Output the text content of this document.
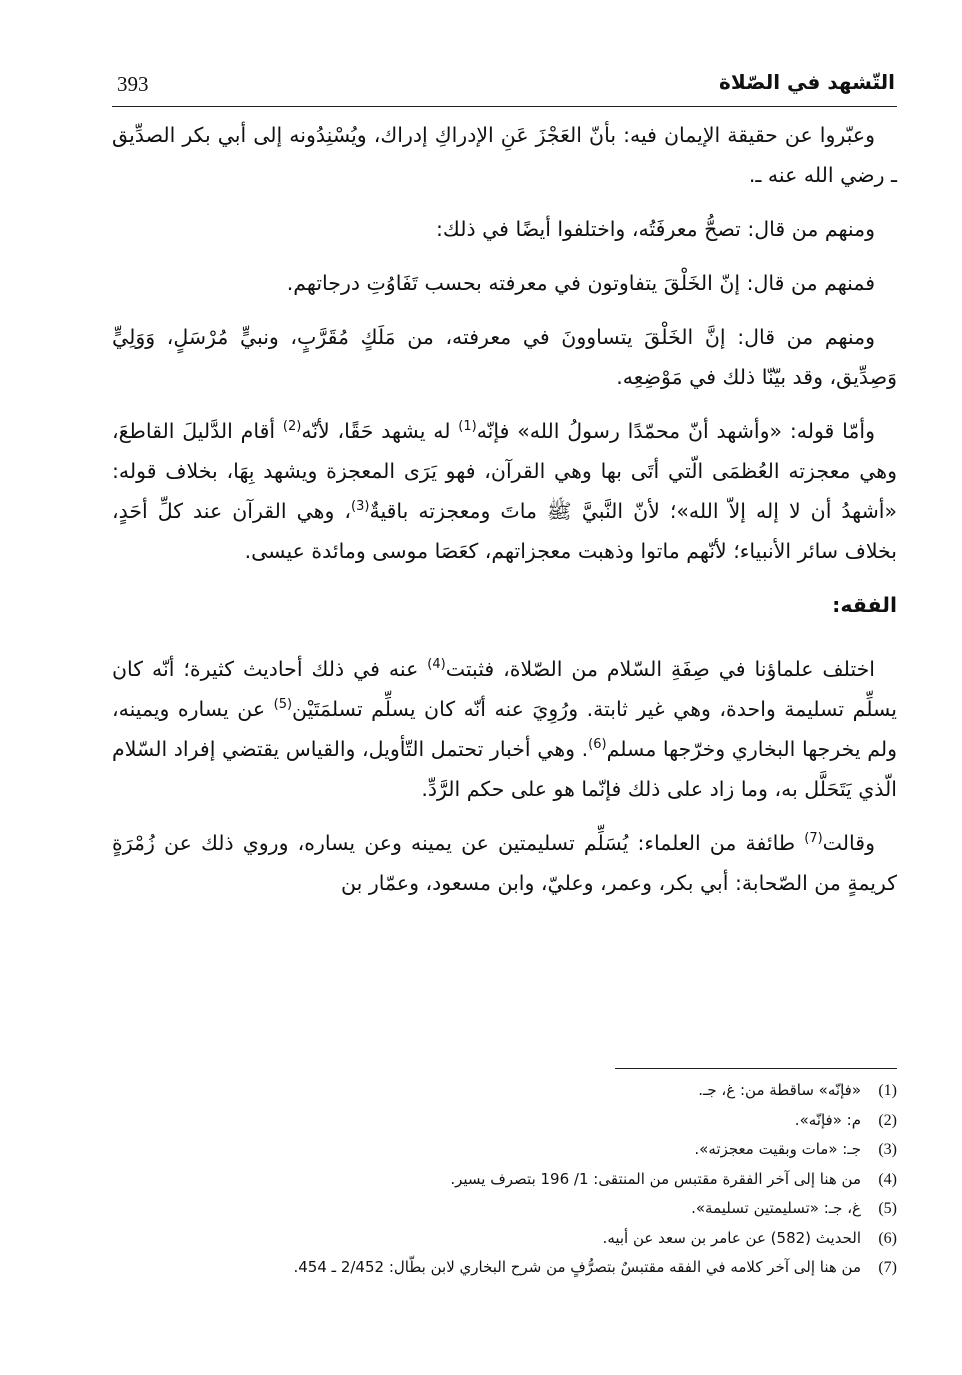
393	التّشهد في الصّلاة

وعبّروا عن حقيقة الإيمان فيه: بأنّ العَجْزَ عَنِ الإدراكِ إدراك، ويُسْنِدُونه إلى أبي بكر الصدِّيق ـ رضي الله عنه ـ.

ومنهم من قال: تصحُّ معرفَتُه، واختلفوا أيضًا في ذلك:

فمنهم من قال: إنّ الخَلْقَ يتفاوتون في معرفته بحسب تَفَاوُتِ درجاتهم.

ومنهم من قال: إنَّ الخَلْقَ يتساوونَ في معرفته، من مَلَكٍ مُقَرَّبٍ، ونبيٍّ مُرْسَلٍ، وَوَلِيٍّ وَصِدِّيق، وقد بيّنّا ذلك في مَوْضِعِه.

وأمّا قوله: «وأشهد أنّ محمّدًا رسولُ الله» فإنّه$^{(1)}$ له يشهد حَقًا، لأنّه$^{(2)}$ أقام الدَّليلَ القاطعَ، وهي معجزته العُظمَى الّتي أتَى بها وهي القرآن، فهو يَرَى المعجزة ويشهد بِهَا، بخلاف قوله: «أشهدُ أن لا إله إلاّ الله»؛ لأنّ النَّبيَّ ﷺ ماتَ ومعجزته باقيةٌ$^{(3)}$، وهي القرآن عند كلِّ أحَدٍ، بخلاف سائر الأنبياء؛ لأنّهم ماتوا وذهبت معجزاتهم، كعَصَا موسى ومائدة عيسى.

الفقه:

اختلف علماؤنا في صِفَةِ السّلام من الصّلاة، فثبتت$^{(4)}$ عنه في ذلك أحاديث كثيرة؛ أنّه كان يسلِّم تسليمة واحدة، وهي غير ثابتة. ورُوِيَ عنه أنّه كان يسلِّم تسلمَتَيْن$^{(5)}$ عن يساره ويمينه، ولم يخرجها البخاري وخرّجها مسلم$^{(6)}$. وهي أخبار تحتمل التّأويل، والقياس يقتضي إفراد السّلام الّذي يَتَحَلَّل به، وما زاد على ذلك فإنّما هو على حكم الرَّدِّ.

وقالت$^{(7)}$ طائفة من العلماء: يُسَلِّم تسليمتين عن يمينه وعن يساره، وروي ذلك عن زُمْرَةٍ كريمةٍ من الصّحابة: أبي بكر، وعمر، وعليّ، وابن مسعود، وعمّار بن

(1)
«فإنّه» ساقطة من: غ، جـ.
(2)
م: «فإنّه».
(3)
جـ: «مات وبقيت معجزته».
(4)
من هنا إلى آخر الفقرة مقتبس من المنتقى: 1/ 196 بتصرف يسير.
(5)
غ، جـ: «تسليمتين تسليمة».
(6)
الحديث (582) عن عامر بن سعد عن أبيه.
(7)
من هنا إلى آخر كلامه في الفقه مقتبسٌ بتصرُّفٍ من شرح البخاري لابن بطّال: 2/452 ـ 454.
